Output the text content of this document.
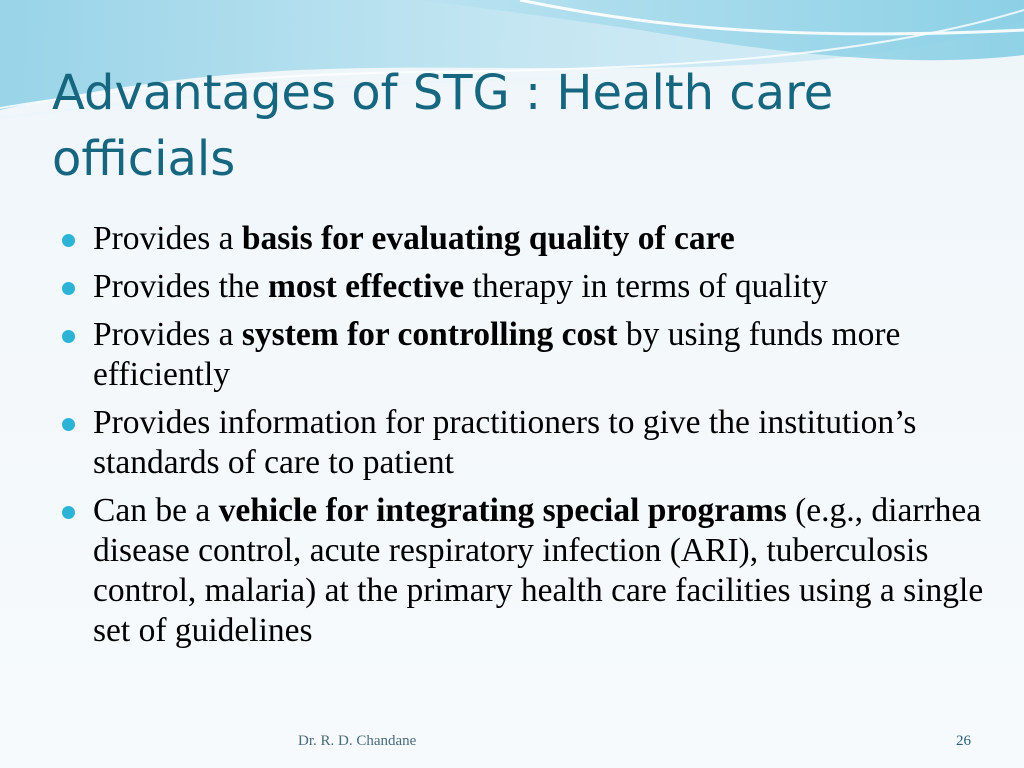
Advantages of STG : Health care officials
Provides a basis for evaluating quality of care
Provides the most effective therapy in terms of quality
Provides a system for controlling cost by using funds more efficiently
Provides information for practitioners to give the institution’s standards of care to patient
Can be a vehicle for integrating special programs (e.g., diarrhea disease control, acute respiratory infection (ARI), tuberculosis control, malaria) at the primary health care facilities using a single set of guidelines
Dr. R. D. Chandane	26
